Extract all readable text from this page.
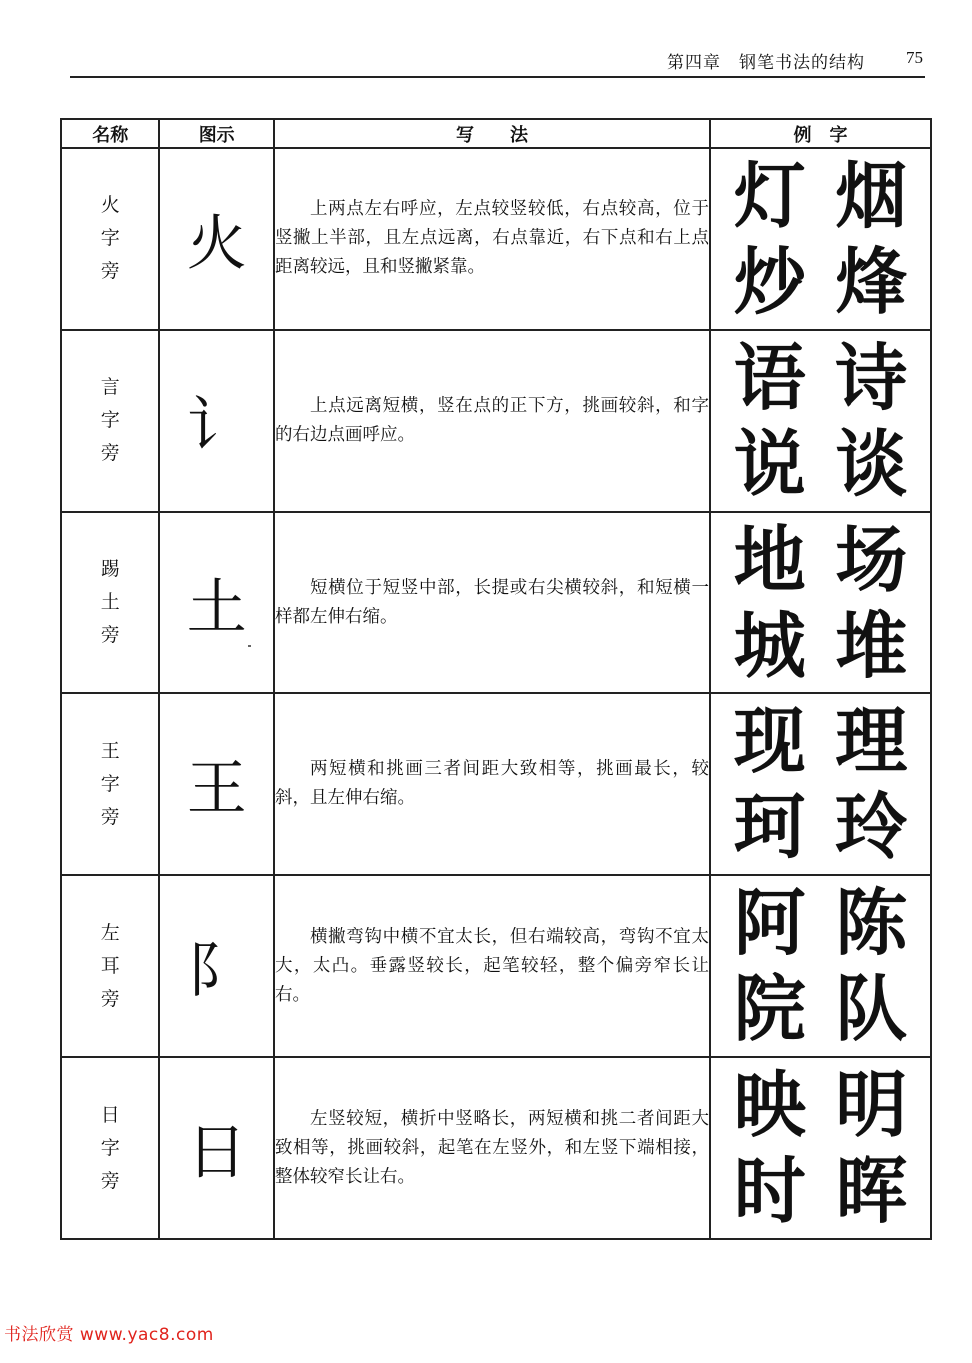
第四章　钢笔书法的结构 75
名称	图示	写　　法	例　字

火
字
旁	火	上两点左右呼应，左点较竖较低，右点较高，位于竖撇上半部，且左点远离，右点靠近，右下点和右上点距离较远，且和竖撇紧靠。	灯 烟
炒 烽

言
字
旁	讠	上点远离短横，竖在点的正下方，挑画较斜，和字的右边点画呼应。	语 诗
说 谈

踢
土
旁	土	短横位于短竖中部，长提或右尖横较斜，和短横一样都左伸右缩。	地 场
城 堆

王
字
旁	王	两短横和挑画三者间距大致相等，挑画最长，较斜，且左伸右缩。	现 理
珂 玲

左
耳
旁	阝	横撇弯钩中横不宜太长，但右端较高，弯钩不宜太大，太凸。垂露竖较长，起笔较轻，整个偏旁窄长让右。	阿 陈
院 队

日
字
旁	日	左竖较短，横折中竖略长，两短横和挑二者间距大致相等，挑画较斜，起笔在左竖外，和左竖下端相接，整体较窄长让右。	映 明
时 晖
书法欣赏 www.yac8.com
